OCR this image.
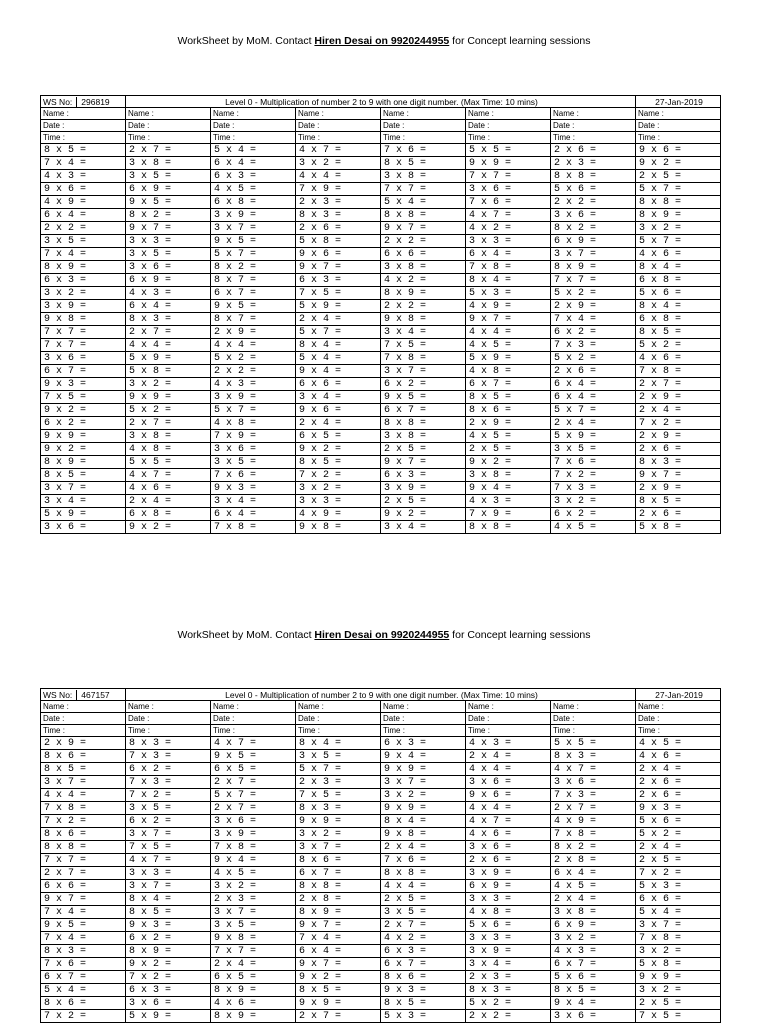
WorkSheet by MoM. Contact Hiren Desai on 9920244955 for Concept learning sessions
WS No: 296819	Level 0 - Multiplication of number 2 to 9 with one digit number. (Max Time: 10 mins)						27-Jan-2019
Name :	Name :	Name :	Name :	Name :	Name :	Name :	Name :
Date :	Date :	Date :	Date :	Date :	Date :	Date :	Date :
Time :	Time :	Time :	Time :	Time :	Time :	Time :	Time :
8 x 5 =	2 x 7 =	5 x 4 =	4 x 7 =	7 x 6 =	5 x 5 =	2 x 6 =	9 x 6 =
7 x 4 =	3 x 8 =	6 x 4 =	3 x 2 =	8 x 5 =	9 x 9 =	2 x 3 =	9 x 2 =
4 x 3 =	3 x 5 =	6 x 3 =	4 x 4 =	3 x 8 =	7 x 7 =	8 x 8 =	2 x 5 =
9 x 6 =	6 x 9 =	4 x 5 =	7 x 9 =	7 x 7 =	3 x 6 =	5 x 6 =	5 x 7 =
4 x 9 =	9 x 5 =	6 x 8 =	2 x 3 =	5 x 4 =	7 x 6 =	2 x 2 =	8 x 8 =
6 x 4 =	8 x 2 =	3 x 9 =	8 x 3 =	8 x 8 =	4 x 7 =	3 x 6 =	8 x 9 =
2 x 2 =	9 x 7 =	3 x 7 =	2 x 6 =	9 x 7 =	4 x 2 =	8 x 2 =	3 x 2 =
3 x 5 =	3 x 3 =	9 x 5 =	5 x 8 =	2 x 2 =	3 x 3 =	6 x 9 =	5 x 7 =
7 x 4 =	3 x 5 =	5 x 7 =	9 x 6 =	6 x 6 =	6 x 4 =	3 x 7 =	4 x 6 =
8 x 9 =	3 x 6 =	8 x 2 =	9 x 7 =	3 x 8 =	7 x 8 =	8 x 9 =	8 x 4 =
6 x 3 =	6 x 9 =	8 x 7 =	6 x 3 =	4 x 2 =	8 x 4 =	7 x 7 =	6 x 8 =
3 x 2 =	4 x 3 =	6 x 7 =	7 x 5 =	8 x 9 =	5 x 3 =	5 x 2 =	5 x 6 =
3 x 9 =	6 x 4 =	9 x 5 =	5 x 9 =	2 x 2 =	4 x 9 =	2 x 9 =	8 x 4 =
9 x 8 =	8 x 3 =	8 x 7 =	2 x 4 =	9 x 8 =	9 x 7 =	7 x 4 =	6 x 8 =
7 x 7 =	2 x 7 =	2 x 9 =	5 x 7 =	3 x 4 =	4 x 4 =	6 x 2 =	8 x 5 =
7 x 7 =	4 x 4 =	4 x 4 =	8 x 4 =	7 x 5 =	4 x 5 =	7 x 3 =	5 x 2 =
3 x 6 =	5 x 9 =	5 x 2 =	5 x 4 =	7 x 8 =	5 x 9 =	5 x 2 =	4 x 6 =
6 x 7 =	5 x 8 =	2 x 2 =	9 x 4 =	3 x 7 =	4 x 8 =	2 x 6 =	7 x 8 =
9 x 3 =	3 x 2 =	4 x 3 =	6 x 6 =	6 x 2 =	6 x 7 =	6 x 4 =	2 x 7 =
7 x 5 =	9 x 9 =	3 x 9 =	3 x 4 =	9 x 5 =	8 x 5 =	6 x 4 =	2 x 9 =
9 x 2 =	5 x 2 =	5 x 7 =	9 x 6 =	6 x 7 =	8 x 6 =	5 x 7 =	2 x 4 =
6 x 2 =	2 x 7 =	4 x 8 =	2 x 4 =	8 x 8 =	2 x 9 =	2 x 4 =	7 x 2 =
9 x 9 =	3 x 8 =	7 x 9 =	6 x 5 =	3 x 8 =	4 x 5 =	5 x 9 =	2 x 9 =
9 x 2 =	4 x 8 =	3 x 6 =	9 x 2 =	2 x 5 =	2 x 5 =	3 x 5 =	2 x 6 =
8 x 9 =	5 x 5 =	3 x 5 =	8 x 5 =	9 x 7 =	9 x 2 =	7 x 6 =	8 x 3 =
8 x 5 =	4 x 7 =	7 x 6 =	7 x 2 =	6 x 3 =	3 x 8 =	7 x 2 =	9 x 7 =
3 x 7 =	4 x 6 =	9 x 3 =	3 x 2 =	3 x 9 =	9 x 4 =	7 x 3 =	2 x 9 =
3 x 4 =	2 x 4 =	3 x 4 =	3 x 3 =	2 x 5 =	4 x 3 =	3 x 2 =	8 x 5 =
5 x 9 =	6 x 8 =	6 x 4 =	4 x 9 =	9 x 2 =	7 x 9 =	6 x 2 =	2 x 6 =
3 x 6 =	9 x 2 =	7 x 8 =	9 x 8 =	3 x 4 =	8 x 8 =	4 x 5 =	5 x 8 =
WorkSheet by MoM. Contact Hiren Desai on 9920244955 for Concept learning sessions
WS No: 467157	Level 0 - Multiplication of number 2 to 9 with one digit number. (Max Time: 10 mins)						27-Jan-2019
Name :	Name :	Name :	Name :	Name :	Name :	Name :	Name :
Date :	Date :	Date :	Date :	Date :	Date :	Date :	Date :
Time :	Time :	Time :	Time :	Time :	Time :	Time :	Time :
2 x 9 =	8 x 3 =	4 x 7 =	8 x 4 =	6 x 3 =	4 x 3 =	5 x 5 =	4 x 5 =
8 x 6 =	7 x 3 =	9 x 5 =	3 x 5 =	9 x 4 =	2 x 4 =	8 x 3 =	4 x 6 =
8 x 5 =	6 x 2 =	6 x 5 =	5 x 7 =	9 x 9 =	4 x 4 =	4 x 7 =	2 x 4 =
3 x 7 =	7 x 3 =	2 x 7 =	2 x 3 =	3 x 7 =	3 x 6 =	3 x 6 =	2 x 6 =
4 x 4 =	7 x 2 =	5 x 7 =	7 x 5 =	3 x 2 =	9 x 6 =	7 x 3 =	2 x 6 =
7 x 8 =	3 x 5 =	2 x 7 =	8 x 3 =	9 x 9 =	4 x 4 =	2 x 7 =	9 x 3 =
7 x 2 =	6 x 2 =	3 x 6 =	9 x 9 =	8 x 4 =	4 x 7 =	4 x 9 =	5 x 6 =
8 x 6 =	3 x 7 =	3 x 9 =	3 x 2 =	9 x 8 =	4 x 6 =	7 x 8 =	5 x 2 =
8 x 8 =	7 x 5 =	7 x 8 =	3 x 7 =	2 x 4 =	3 x 6 =	8 x 2 =	2 x 4 =
7 x 7 =	4 x 7 =	9 x 4 =	8 x 6 =	7 x 6 =	2 x 6 =	2 x 8 =	2 x 5 =
2 x 7 =	3 x 3 =	4 x 5 =	6 x 7 =	8 x 8 =	3 x 9 =	6 x 4 =	7 x 2 =
6 x 6 =	3 x 7 =	3 x 2 =	8 x 8 =	4 x 4 =	6 x 9 =	4 x 5 =	5 x 3 =
9 x 7 =	8 x 4 =	2 x 3 =	2 x 8 =	2 x 5 =	3 x 3 =	2 x 4 =	6 x 6 =
7 x 4 =	8 x 5 =	3 x 7 =	8 x 9 =	3 x 5 =	4 x 8 =	3 x 8 =	5 x 4 =
9 x 5 =	9 x 3 =	3 x 5 =	9 x 7 =	2 x 7 =	5 x 6 =	6 x 9 =	3 x 7 =
7 x 4 =	6 x 2 =	9 x 8 =	7 x 4 =	4 x 2 =	3 x 3 =	3 x 2 =	7 x 8 =
8 x 3 =	8 x 9 =	7 x 7 =	6 x 4 =	6 x 3 =	3 x 9 =	4 x 3 =	3 x 2 =
7 x 6 =	9 x 2 =	2 x 4 =	9 x 7 =	6 x 7 =	3 x 4 =	6 x 7 =	5 x 8 =
6 x 7 =	7 x 2 =	6 x 5 =	9 x 2 =	8 x 6 =	2 x 3 =	5 x 6 =	9 x 9 =
5 x 4 =	6 x 3 =	8 x 9 =	8 x 5 =	9 x 3 =	8 x 3 =	8 x 5 =	3 x 2 =
8 x 6 =	3 x 6 =	4 x 6 =	9 x 9 =	8 x 5 =	5 x 2 =	9 x 4 =	2 x 5 =
7 x 2 =	5 x 9 =	8 x 9 =	2 x 7 =	5 x 3 =	2 x 2 =	3 x 6 =	7 x 5 =
